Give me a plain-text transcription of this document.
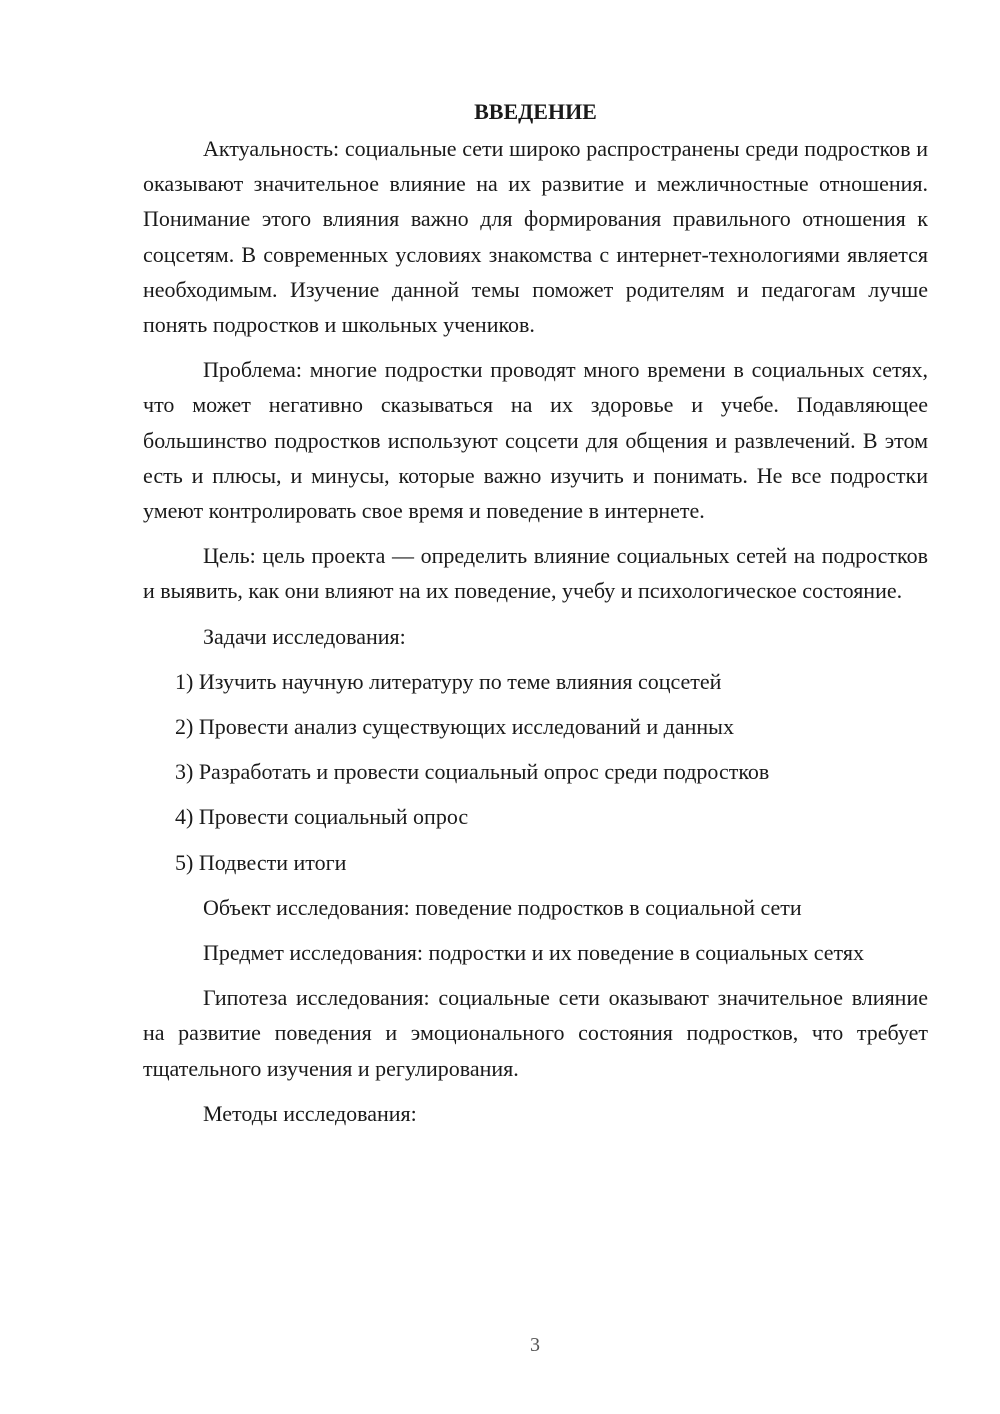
ВВЕДЕНИЕ

Актуальность: социальные сети широко распространены среди подростков и оказывают значительное влияние на их развитие и межличностные отношения. Понимание этого влияния важно для формирования правильного отношения к соцсетям. В современных условиях знакомства с интернет-технологиями является необходимым. Изучение данной темы поможет родителям и педагогам лучше понять подростков и школьных учеников.

Проблема: многие подростки проводят много времени в социальных сетях, что может негативно сказываться на их здоровье и учебе. Подавляющее большинство подростков используют соцсети для общения и развлечений. В этом есть и плюсы, и минусы, которые важно изучить и понимать. Не все подростки умеют контролировать свое время и поведение в интернете.

Цель: цель проекта — определить влияние социальных сетей на подростков и выявить, как они влияют на их поведение, учебу и психологическое состояние.

Задачи исследования:

1) Изучить научную литературу по теме влияния соцсетей
2) Провести анализ существующих исследований и данных
3) Разработать и провести социальный опрос среди подростков
4) Провести социальный опрос
5) Подвести итоги

Объект исследования: поведение подростков в социальной сети

Предмет исследования: подростки и их поведение в социальных сетях

Гипотеза исследования: социальные сети оказывают значительное влияние на развитие поведения и эмоционального состояния подростков, что требует тщательного изучения и регулирования.

Методы исследования:

3
